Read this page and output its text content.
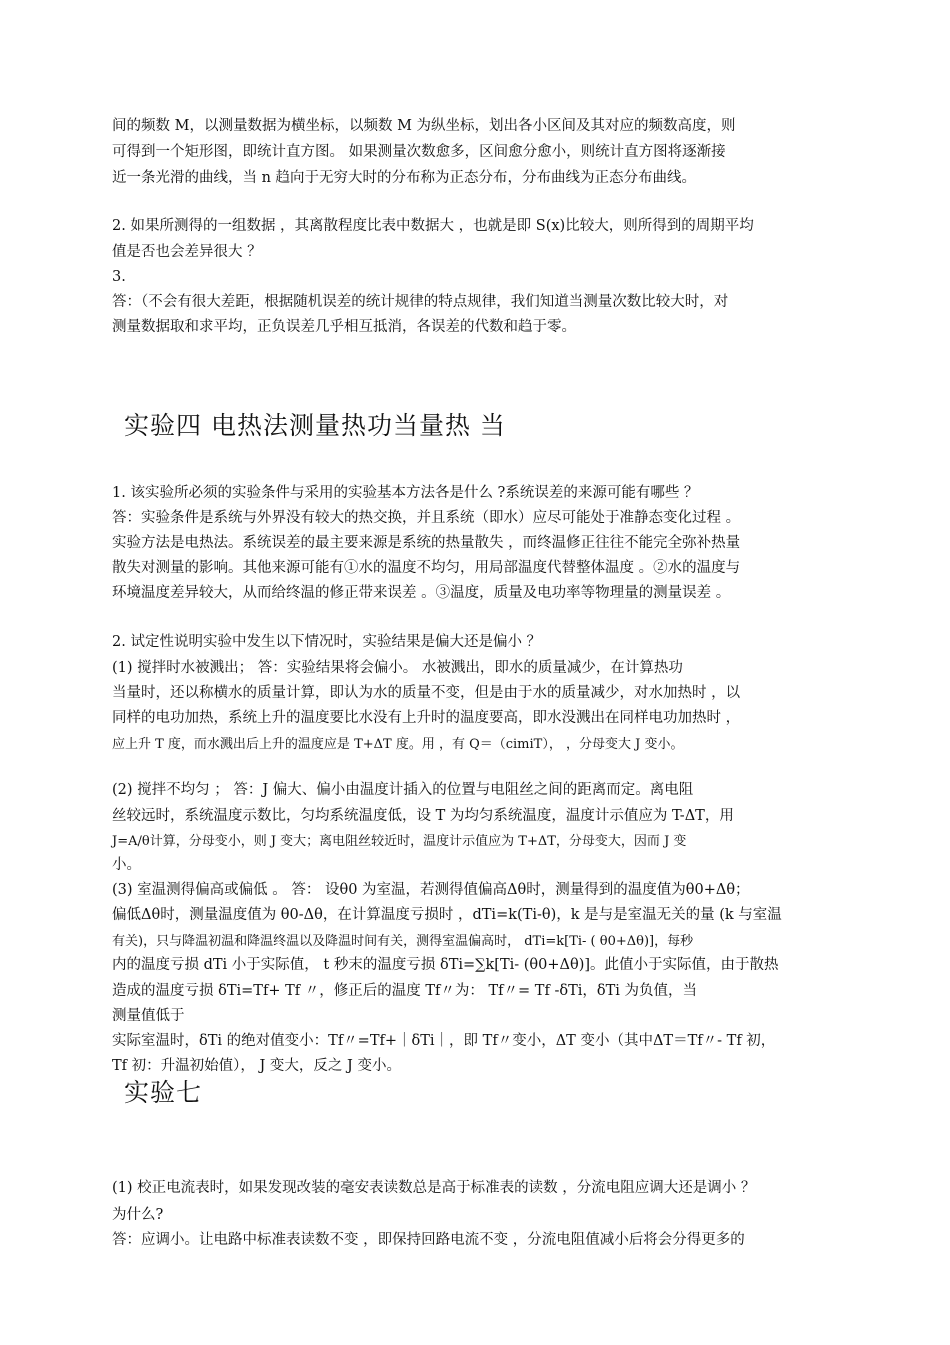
间的频数 M，以测量数据为横坐标，以频数 M 为纵坐标，划出各小区间及其对应的频数高度，则
可得到一个矩形图，即统计直方图。 如果测量次数愈多，区间愈分愈小，则统计直方图将逐渐接
近一条光滑的曲线，当 n 趋向于无穷大时的分布称为正态分布，分布曲线为正态分布曲线。
2. 如果所测得的一组数据 ，其离散程度比表中数据大 ，也就是即 S(x)比较大，则所得到的周期平均
值是否也会差异很大 ？
3.
答：（不会有很大差距，根据随机误差的统计规律的特点规律，我们知道当测量次数比较大时，对
测量数据取和求平均，正负误差几乎相互抵消，各误差的代数和趋于零。
实验四 电热法测量热功当量热 当
1. 该实验所必须的实验条件与采用的实验基本方法各是什么 ?系统误差的来源可能有哪些 ？
答：实验条件是系统与外界没有较大的热交换，并且系统（即水）应尽可能处于准静态变化过程 。
实验方法是电热法。系统误差的最主要来源是系统的热量散失 ，而终温修正往往不能完全弥补热量
散失对测量的影响。其他来源可能有①水的温度不均匀，用局部温度代替整体温度 。②水的温度与
环境温度差异较大，从而给终温的修正带来误差 。③温度，质量及电功率等物理量的测量误差 。
2. 试定性说明实验中发生以下情况时，实验结果是偏大还是偏小 ？
(1) 搅拌时水被溅出； 答：实验结果将会偏小。 水被溅出，即水的质量减少，在计算热功
当量时，还以称横水的质量计算，即认为水的质量不变，但是由于水的质量减少，对水加热时 ，以
同样的电功加热，系统上升的温度要比水没有上升时的温度要高，即水没溅出在同样电功加热时 ，
应上升 T 度，而水溅出后上升的温度应是 T+ΔT 度。用 ，有 Q＝（cimiT）， ，分母变大 J 变小。
(2) 搅拌不均匀 ； 答：J 偏大、偏小由温度计插入的位置与电阻丝之间的距离而定。离电阻
丝较远时，系统温度示数比，匀均系统温度低，设 T 为均匀系统温度，温度计示值应为 T-ΔT，用
J=A/θ计算，分母变小，则 J 变大；离电阻丝较近时，温度计示值应为 T+ΔT，分母变大，因而 J 变
小。
(3) 室温测得偏高或偏低 。 答： 设θ0 为室温，若测得值偏高Δθ时，测量得到的温度值为θ0+Δθ；
偏低Δθ时，测量温度值为 θ0-Δθ，在计算温度亏损时 ，dTi=k(Ti-θ)，k 是与是室温无关的量 (k 与室温
有关)，只与降温初温和降温终温以及降温时间有关，测得室温偏高时， dTi=k[Ti- ( θ0+Δθ)]，每秒
内的温度亏损 dTi 小于实际值， t 秒末的温度亏损 δTi=∑k[Ti- (θ0+Δθ)]。此值小于实际值，由于散热
造成的温度亏损 δTi=Tf+ Tf 〃，修正后的温度 Tf〃为： Tf〃= Tf -δTi，δTi 为负值，当
测量值低于
实际室温时，δTi 的绝对值变小：Tf〃=Tf+｜δTi｜，即 Tf〃变小，ΔT 变小（其中ΔT＝Tf〃- Tf 初，
Tf 初：升温初始值）， J 变大，反之 J 变小。
实验七
(1) 校正电流表时，如果发现改装的毫安表读数总是高于标准表的读数 ，分流电阻应调大还是调小 ？
为什么?
答：应调小。让电路中标准表读数不变 ，即保持回路电流不变 ，分流电阻值减小后将会分得更多的
